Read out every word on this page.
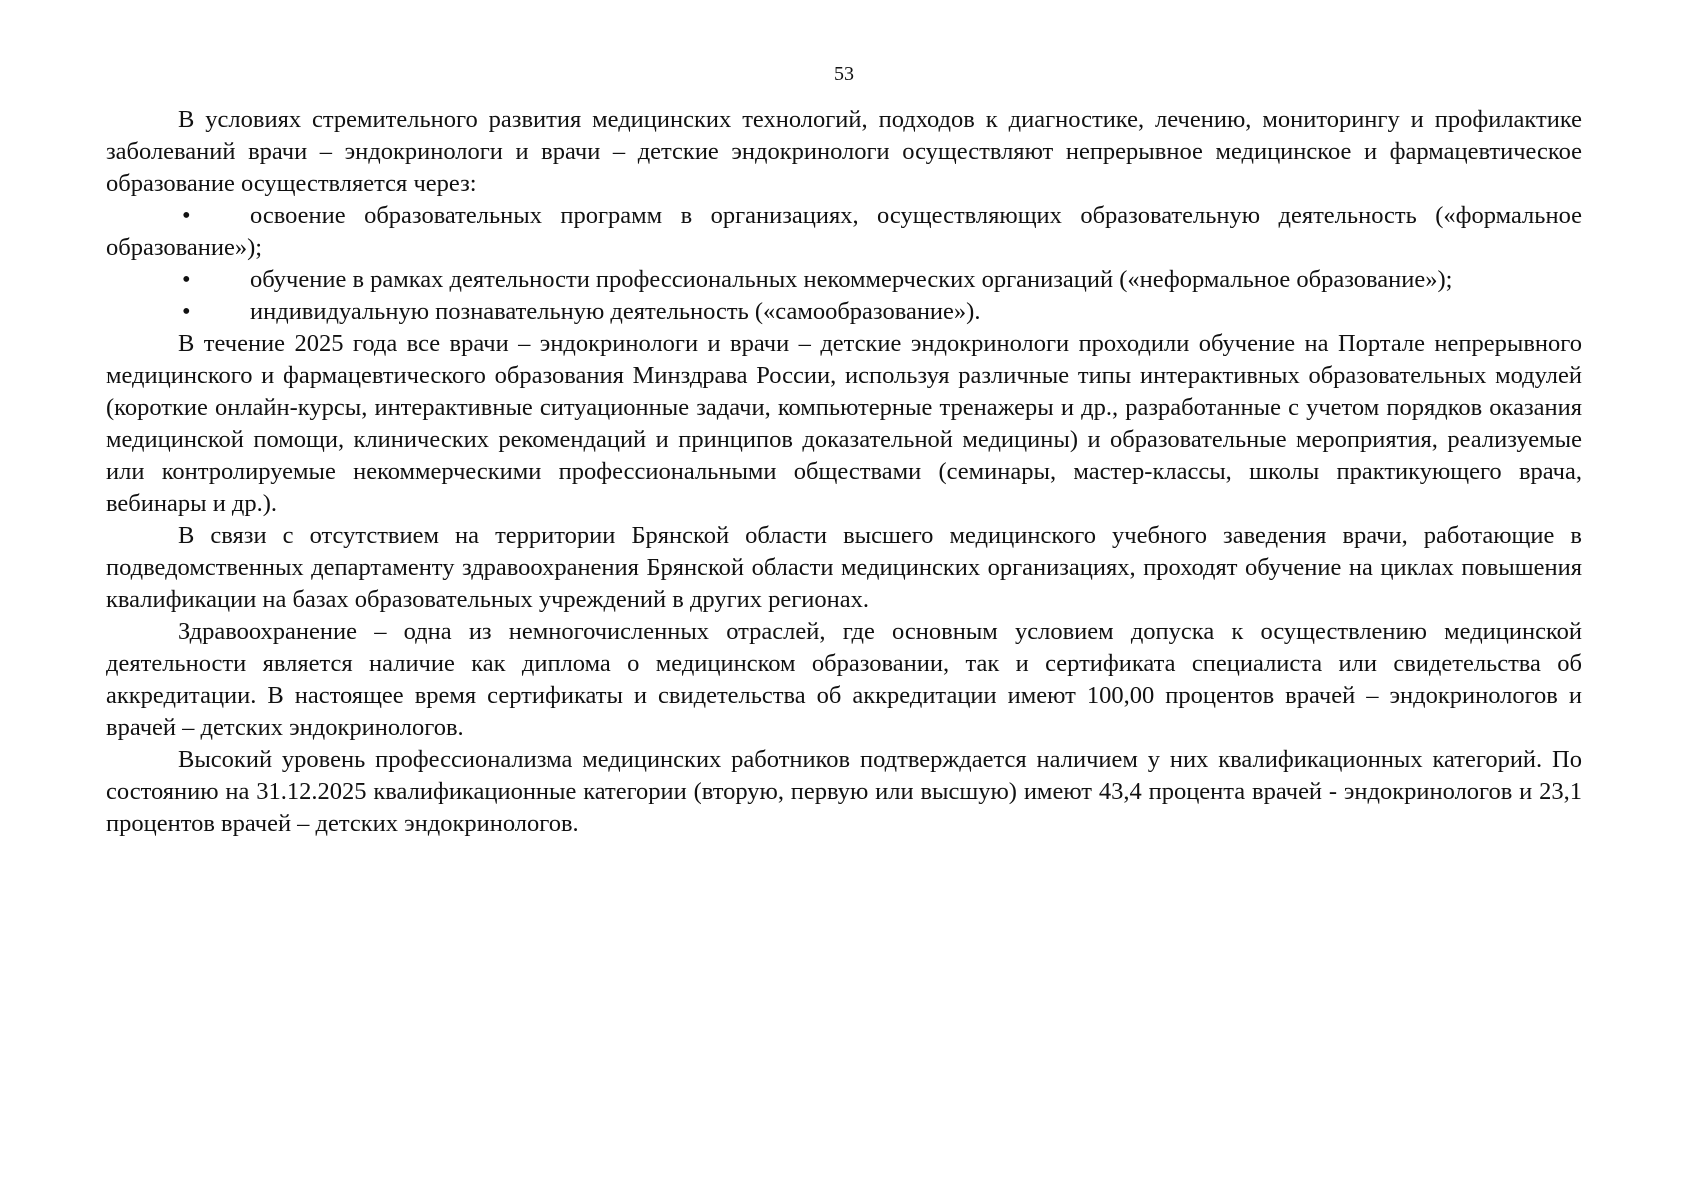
53

В условиях стремительного развития медицинских технологий, подходов к диагностике, лечению, мониторингу и профилактике заболеваний врачи – эндокринологи и врачи – детские эндокринологи осуществляют непрерывное медицинское и фармацевтическое образование осуществляется через:

• освоение образовательных программ в организациях, осуществляющих образовательную деятельность («формальное образование»);
• обучение в рамках деятельности профессиональных некоммерческих организаций («неформальное образование»);
• индивидуальную познавательную деятельность («самообразование»).

В течение 2025 года все врачи – эндокринологи и врачи – детские эндокринологи проходили обучение на Портале непрерывного медицинского и фармацевтического образования Минздрава России, используя различные типы интерактивных образовательных модулей (короткие онлайн-курсы, интерактивные ситуационные задачи, компьютерные тренажеры и др., разработанные с учетом порядков оказания медицинской помощи, клинических рекомендаций и принципов доказательной медицины) и образовательные мероприятия, реализуемые или контролируемые некоммерческими профессиональными обществами (семинары, мастер-классы, школы практикующего врача, вебинары и др.).

В связи с отсутствием на территории Брянской области высшего медицинского учебного заведения врачи, работающие в подведомственных департаменту здравоохранения Брянской области медицинских организациях, проходят обучение на циклах повышения квалификации на базах образовательных учреждений в других регионах.

Здравоохранение – одна из немногочисленных отраслей, где основным условием допуска к осуществлению медицинской деятельности является наличие как диплома о медицинском образовании, так и сертификата специалиста или свидетельства об аккредитации. В настоящее время сертификаты и свидетельства об аккредитации имеют 100,00 процентов врачей – эндокринологов и врачей – детских эндокринологов.

Высокий уровень профессионализма медицинских работников подтверждается наличием у них квалификационных категорий. По состоянию на 31.12.2025 квалификационные категории (вторую, первую или высшую) имеют 43,4 процента врачей - эндокринологов и 23,1 процентов врачей – детских эндокринологов.
